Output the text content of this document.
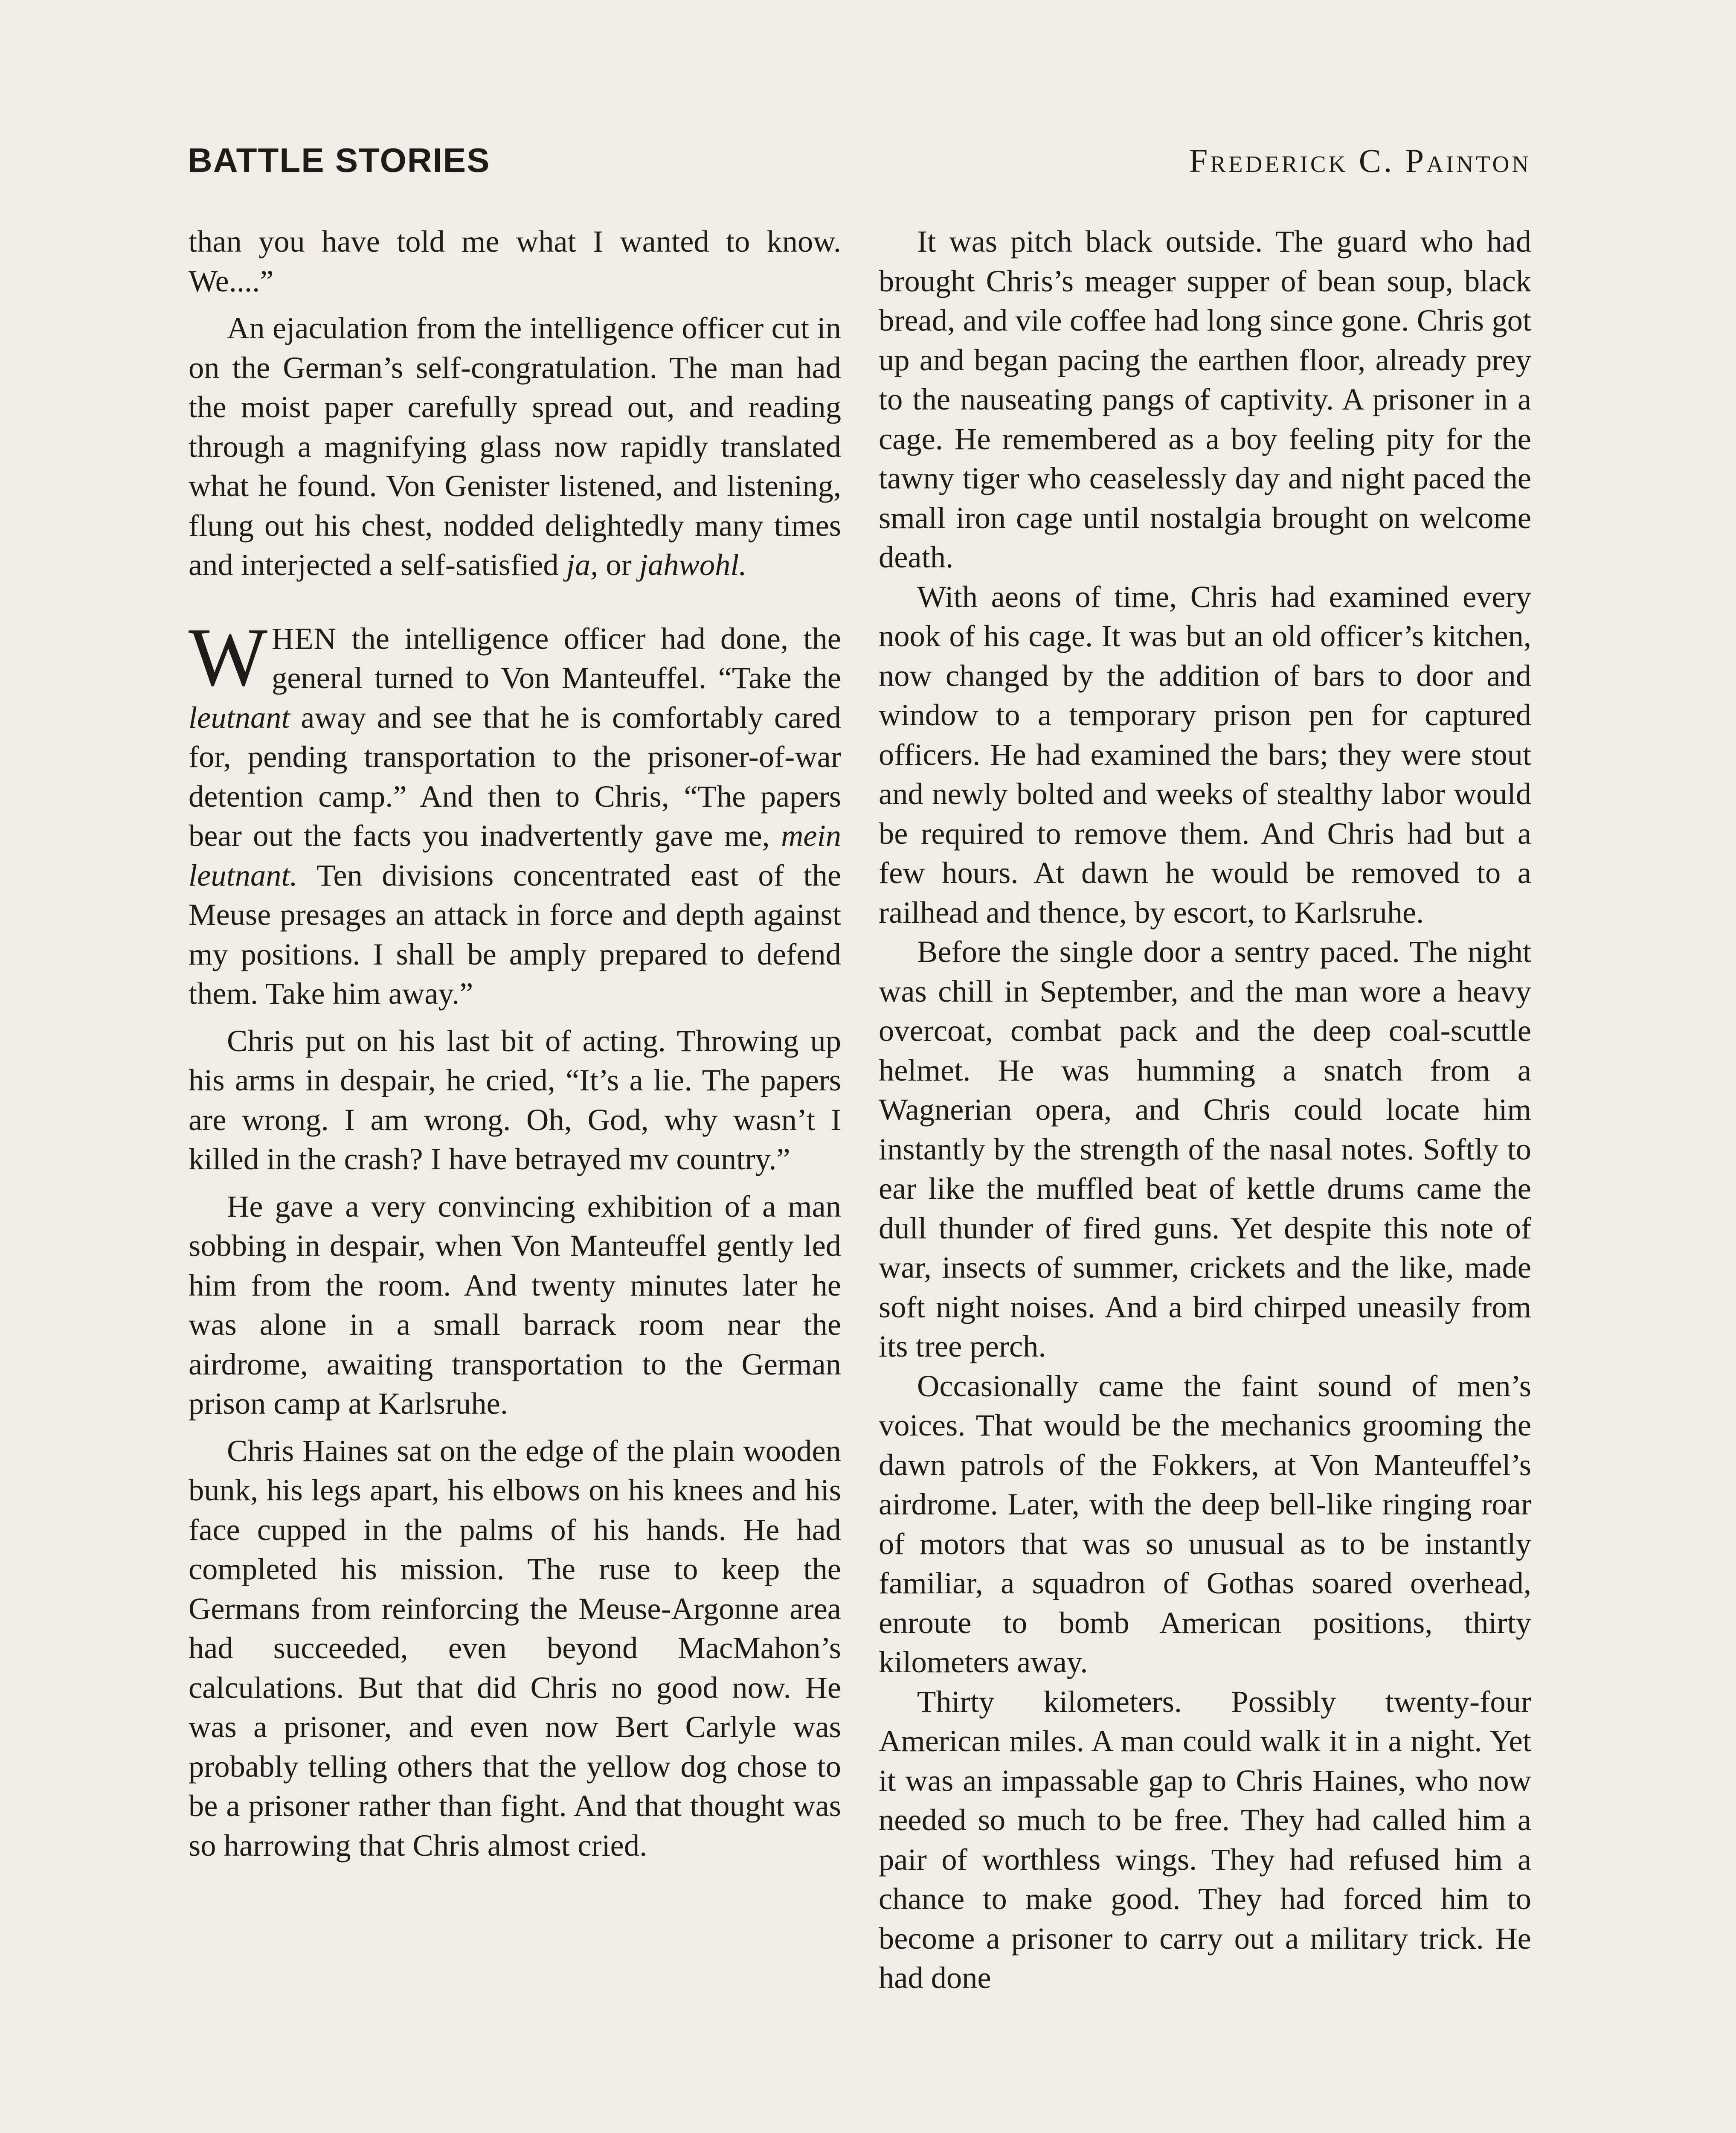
BATTLE STORIES	Frederick C. Painton

than you have told me what I wanted to know. We....”

An ejaculation from the intelligence officer cut in on the German’s self-congratulation. The man had the moist paper carefully spread out, and reading through a magnifying glass now rapidly translated what he found. Von Genister listened, and listening, flung out his chest, nodded delightedly many times and interjected a self-satisfied ja, or jahwohl.

WHEN the intelligence officer had done, the general turned to Von Manteuffel. “Take the leutnant away and see that he is comfortably cared for, pending transportation to the prisoner-of-war detention camp.” And then to Chris, “The papers bear out the facts you inadvertently gave me, mein leutnant. Ten divisions concentrated east of the Meuse presages an attack in force and depth against my positions. I shall be amply prepared to defend them. Take him away.”

Chris put on his last bit of acting. Throwing up his arms in despair, he cried, “It’s a lie. The papers are wrong. I am wrong. Oh, God, why wasn’t I killed in the crash? I have betrayed mv country.”

He gave a very convincing exhibition of a man sobbing in despair, when Von Manteuffel gently led him from the room. And twenty minutes later he was alone in a small barrack room near the airdrome, awaiting transportation to the German prison camp at Karlsruhe.

Chris Haines sat on the edge of the plain wooden bunk, his legs apart, his elbows on his knees and his face cupped in the palms of his hands. He had completed his mission. The ruse to keep the Germans from reinforcing the Meuse-Argonne area had succeeded, even beyond MacMahon’s calculations. But that did Chris no good now. He was a prisoner, and even now Bert Carlyle was probably telling others that the yellow dog chose to be a prisoner rather than fight. And that thought was so harrowing that Chris almost cried.

It was pitch black outside. The guard who had brought Chris’s meager supper of bean soup, black bread, and vile coffee had long since gone. Chris got up and began pacing the earthen floor, already prey to the nauseating pangs of captivity. A prisoner in a cage. He remembered as a boy feeling pity for the tawny tiger who ceaselessly day and night paced the small iron cage until nostalgia brought on welcome death.

With aeons of time, Chris had examined every nook of his cage. It was but an old officer’s kitchen, now changed by the addition of bars to door and window to a temporary prison pen for captured officers. He had examined the bars; they were stout and newly bolted and weeks of stealthy labor would be required to remove them. And Chris had but a few hours. At dawn he would be removed to a railhead and thence, by escort, to Karlsruhe.

Before the single door a sentry paced. The night was chill in September, and the man wore a heavy overcoat, combat pack and the deep coal-scuttle helmet. He was humming a snatch from a Wagnerian opera, and Chris could locate him instantly by the strength of the nasal notes. Softly to ear like the muffled beat of kettle drums came the dull thunder of fired guns. Yet despite this note of war, insects of summer, crickets and the like, made soft night noises. And a bird chirped uneasily from its tree perch.

Occasionally came the faint sound of men’s voices. That would be the mechanics grooming the dawn patrols of the Fokkers, at Von Manteuffel’s airdrome. Later, with the deep bell-like ringing roar of motors that was so unusual as to be instantly familiar, a squadron of Gothas soared overhead, enroute to bomb American positions, thirty kilometers away.

Thirty kilometers. Possibly twenty-four American miles. A man could walk it in a night. Yet it was an impassable gap to Chris Haines, who now needed so much to be free. They had called him a pair of worthless wings. They had refused him a chance to make good. They had forced him to become a prisoner to carry out a military trick. He had done
